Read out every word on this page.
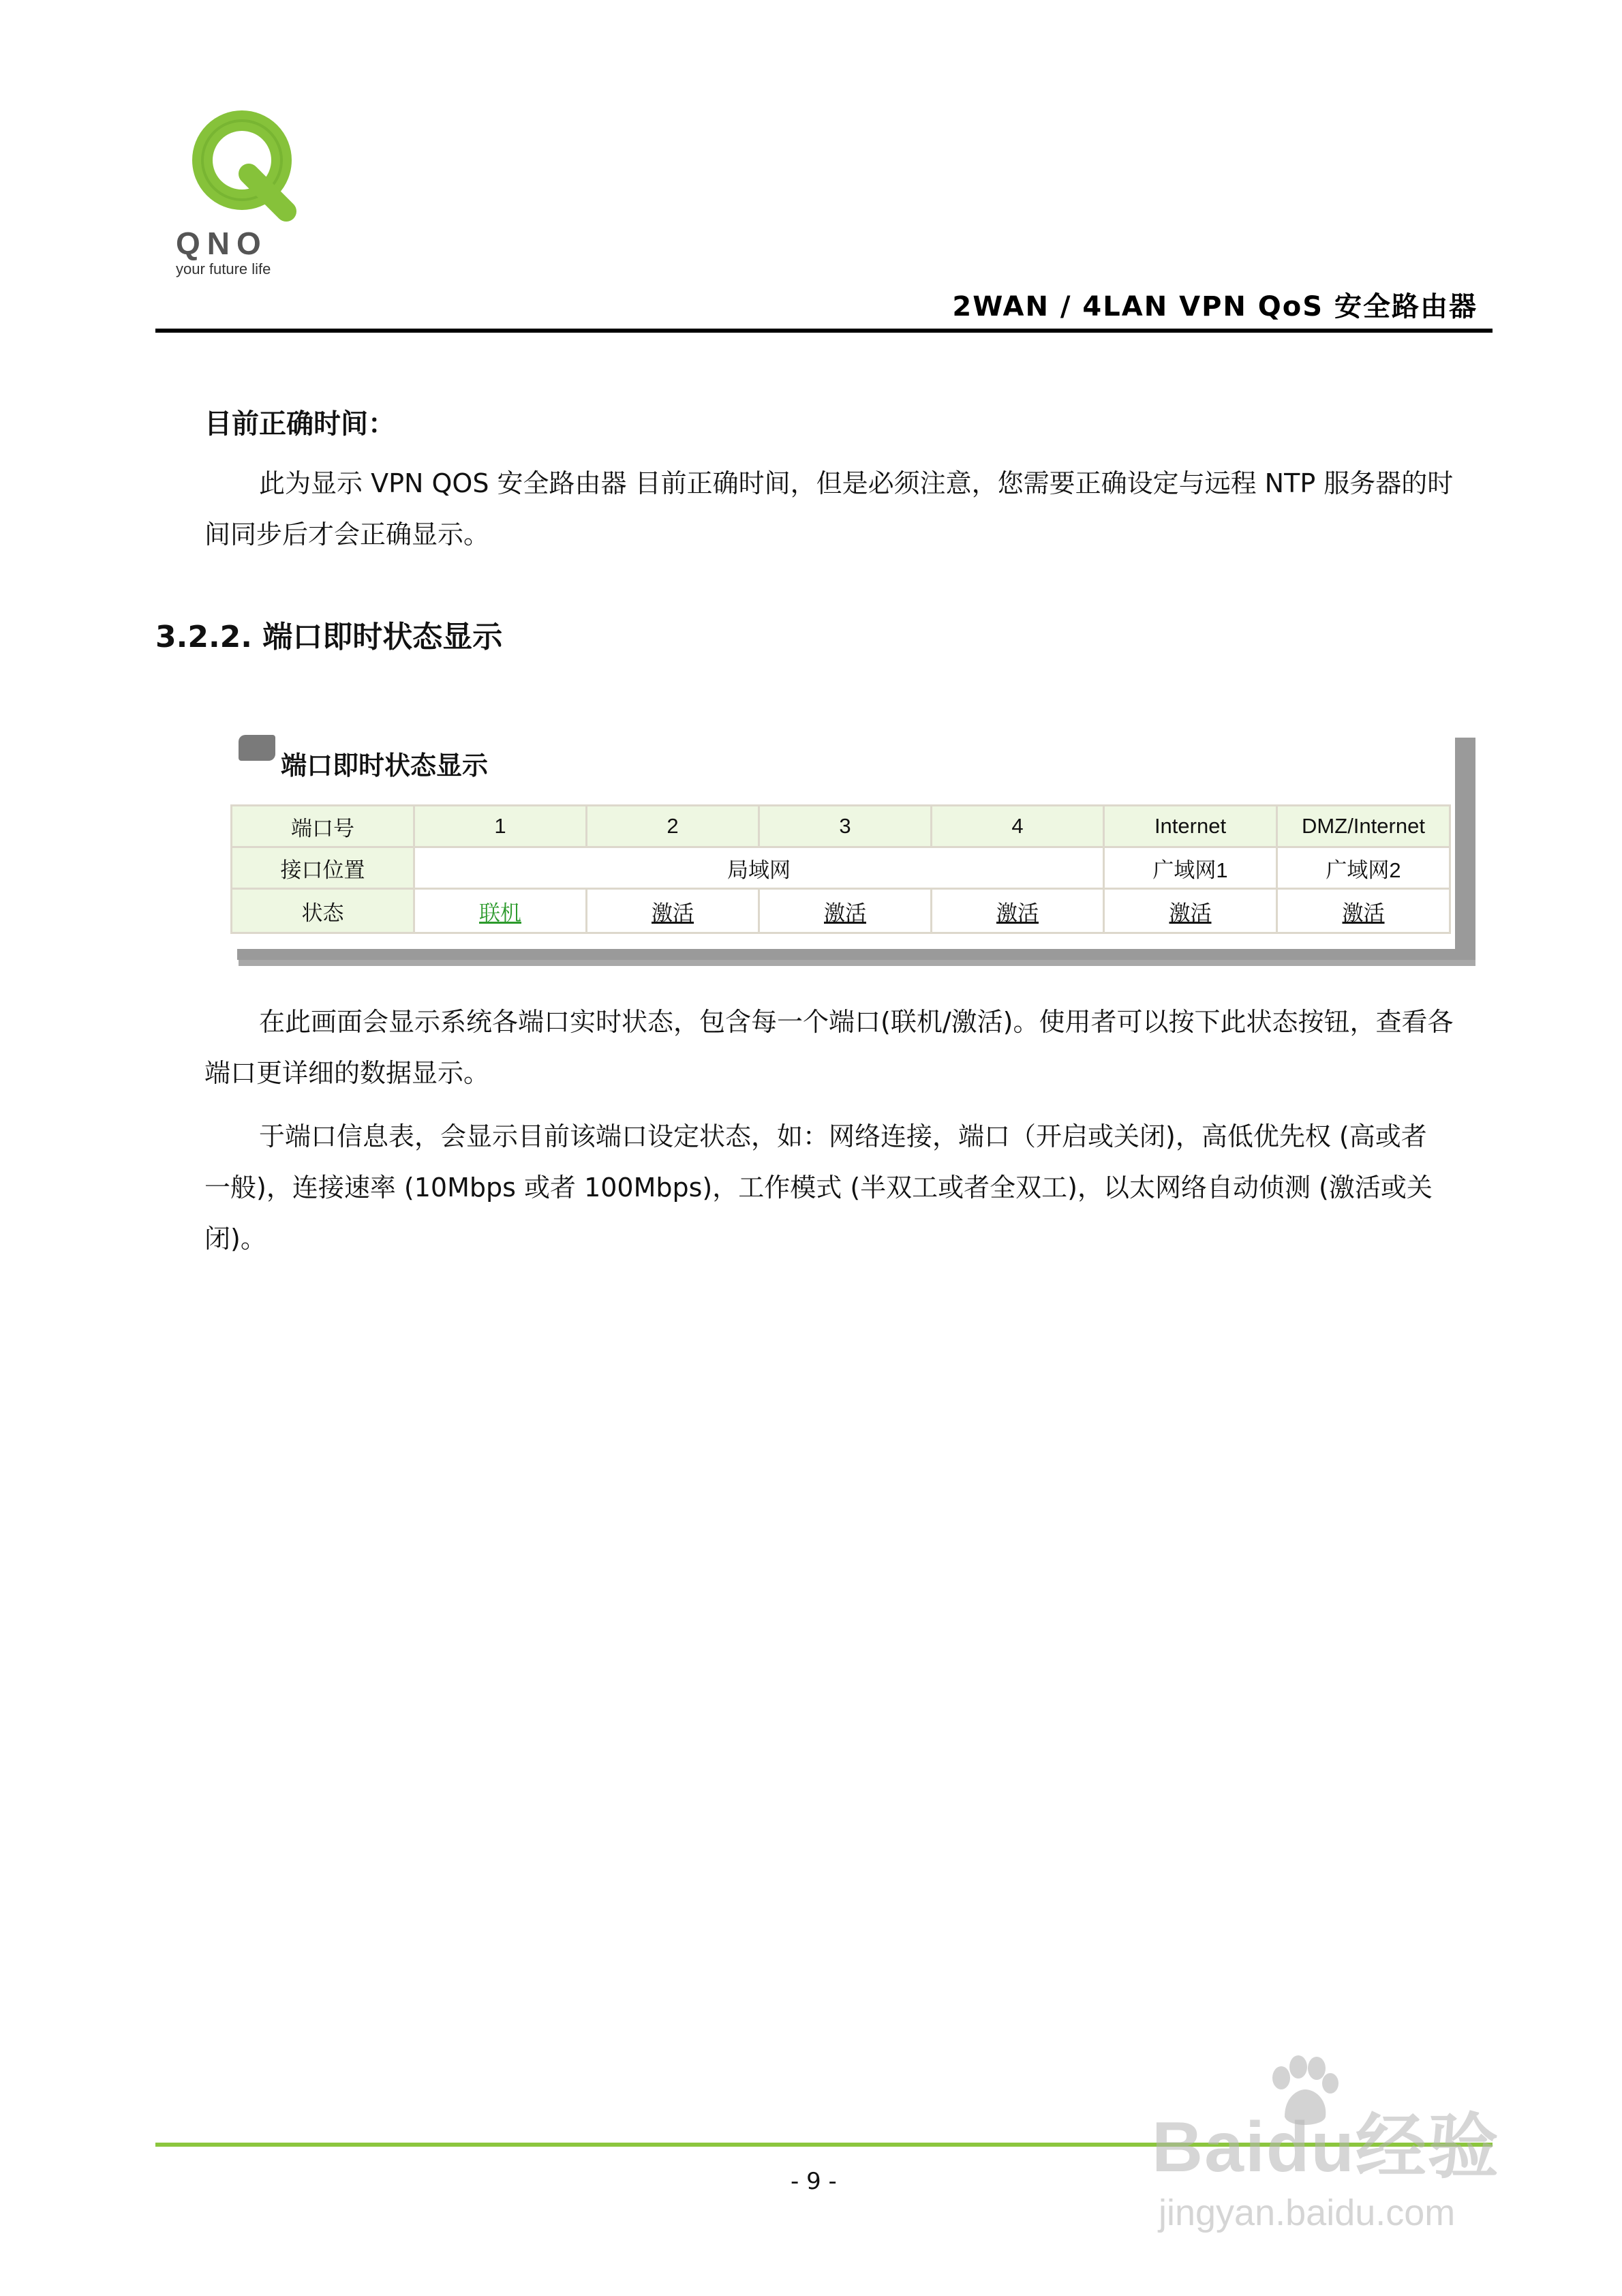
QNO
your future life
2WAN / 4LAN VPN QoS 安全路由器
目前正确时间：
此为显示 VPN QOS 安全路由器 目前正确时间，但是必须注意，您需要正确设定与远程 NTP 服务器的时间同步后才会正确显示。
3.2.2. 端口即时状态显示
端口即时状态显示
端口号	1	2	3	4	Internet	DMZ/Internet
接口位置	局域网				广域网1	广域网2
状态	联机	激活	激活	激活	激活	激活
在此画面会显示系统各端口实时状态，包含每一个端口(联机/激活)。使用者可以按下此状态按钮，查看各端口更详细的数据显示。
于端口信息表，会显示目前该端口设定状态，如：网络连接，端口（开启或关闭)，高低优先权 (高或者 一般)，连接速率 (10Mbps 或者 100Mbps)，工作模式 (半双工或者全双工)，以太网络自动侦测 (激活或关闭)。
- 9 -	Baidu经验
jingyan.baidu.com
